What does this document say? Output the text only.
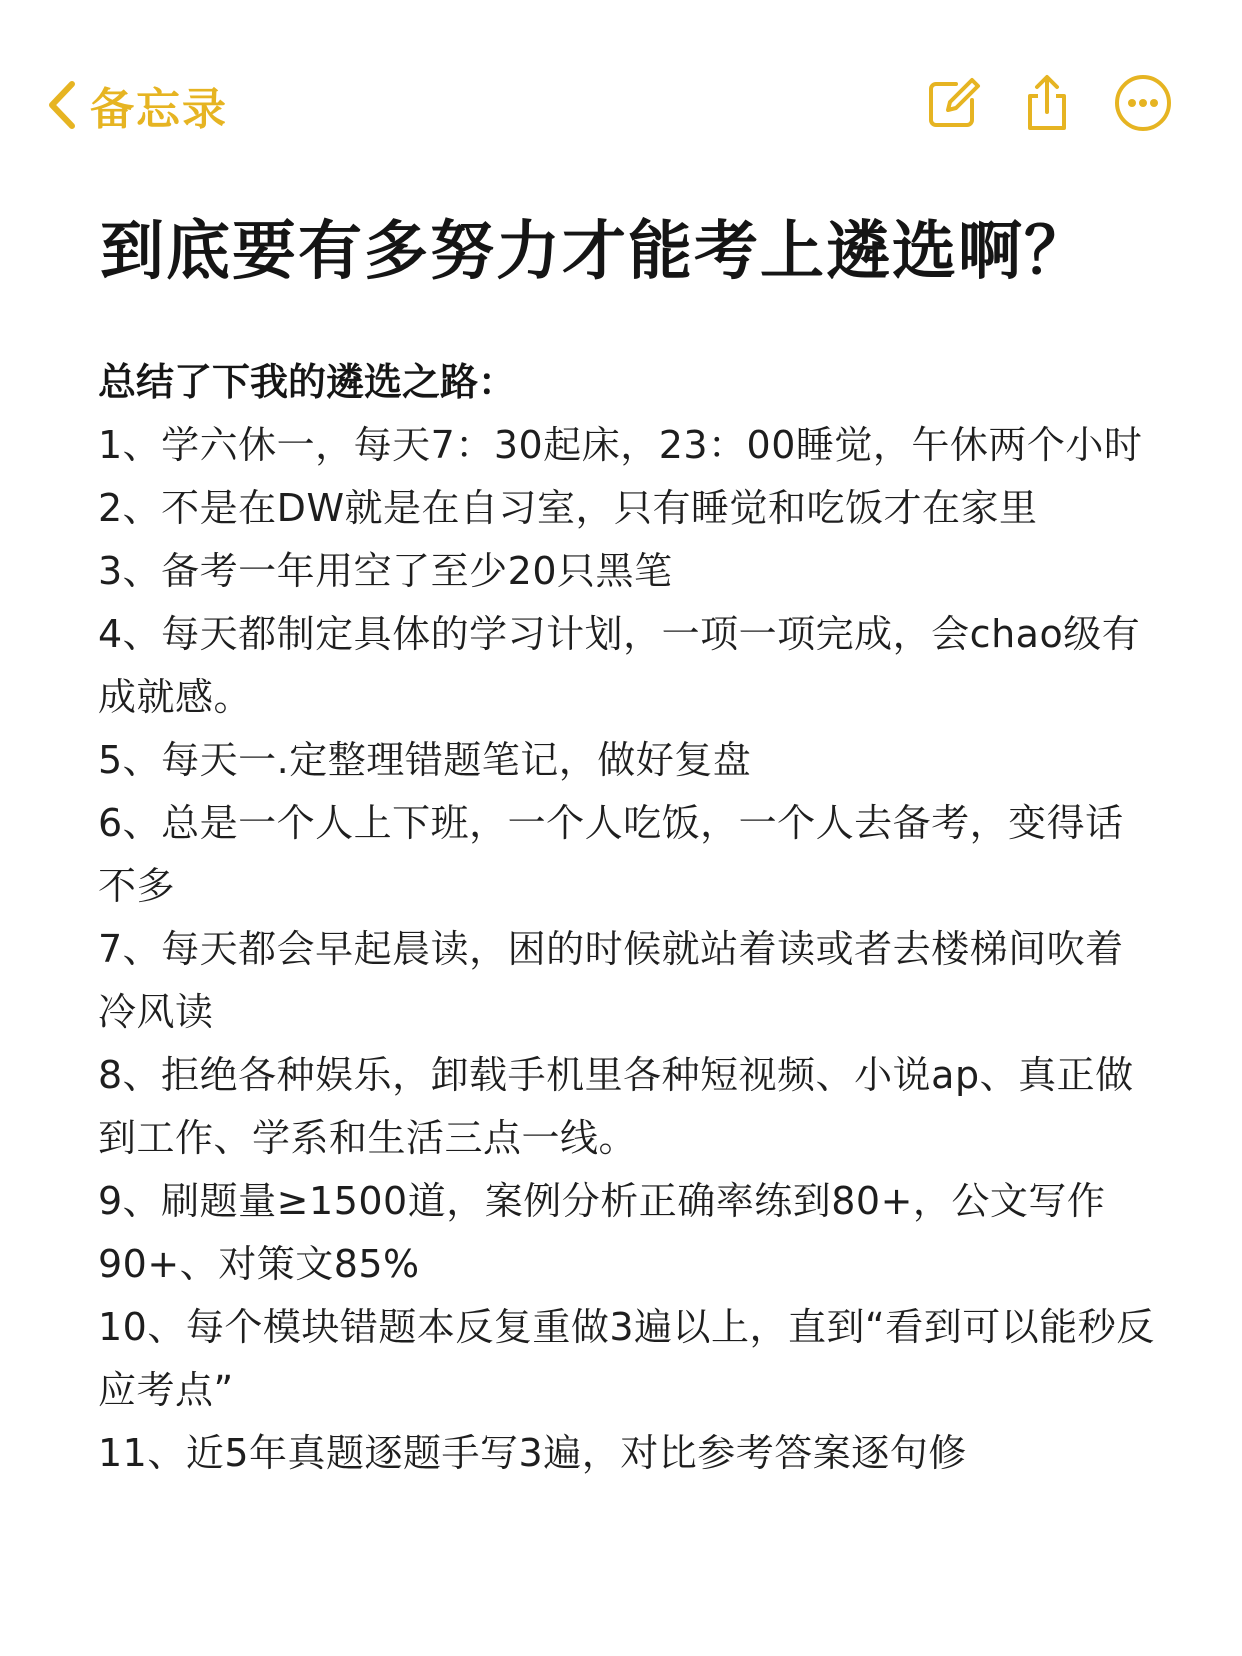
备忘录
到底要有多努力才能考上遴选啊？
总结了下我的遴选之路：
1、学六休一，每天7：30起床，23：00睡觉，午休两个小时
2、不是在DW就是在自习室，只有睡觉和吃饭才在家里
3、备考一年用空了至少20只黑笔
4、每天都制定具体的学习计划，一项一项完成，会chao级有成就感。
5、每天一.定整理错题笔记，做好复盘
6、总是一个人上下班，一个人吃饭，一个人去备考，变得话不多
7、每天都会早起晨读，困的时候就站着读或者去楼梯间吹着冷风读
8、拒绝各种娱乐，卸载手机里各种短视频、小说ap、真正做到工作、学系和生活三点一线。
9、刷题量≥1500道，案例分析正确率练到80+，公文写作90+、对策文85%
10、每个模块错题本反复重做3遍以上，直到“看到可以能秒反应考点”
11、近5年真题逐题手写3遍，对比参考答案逐句修
